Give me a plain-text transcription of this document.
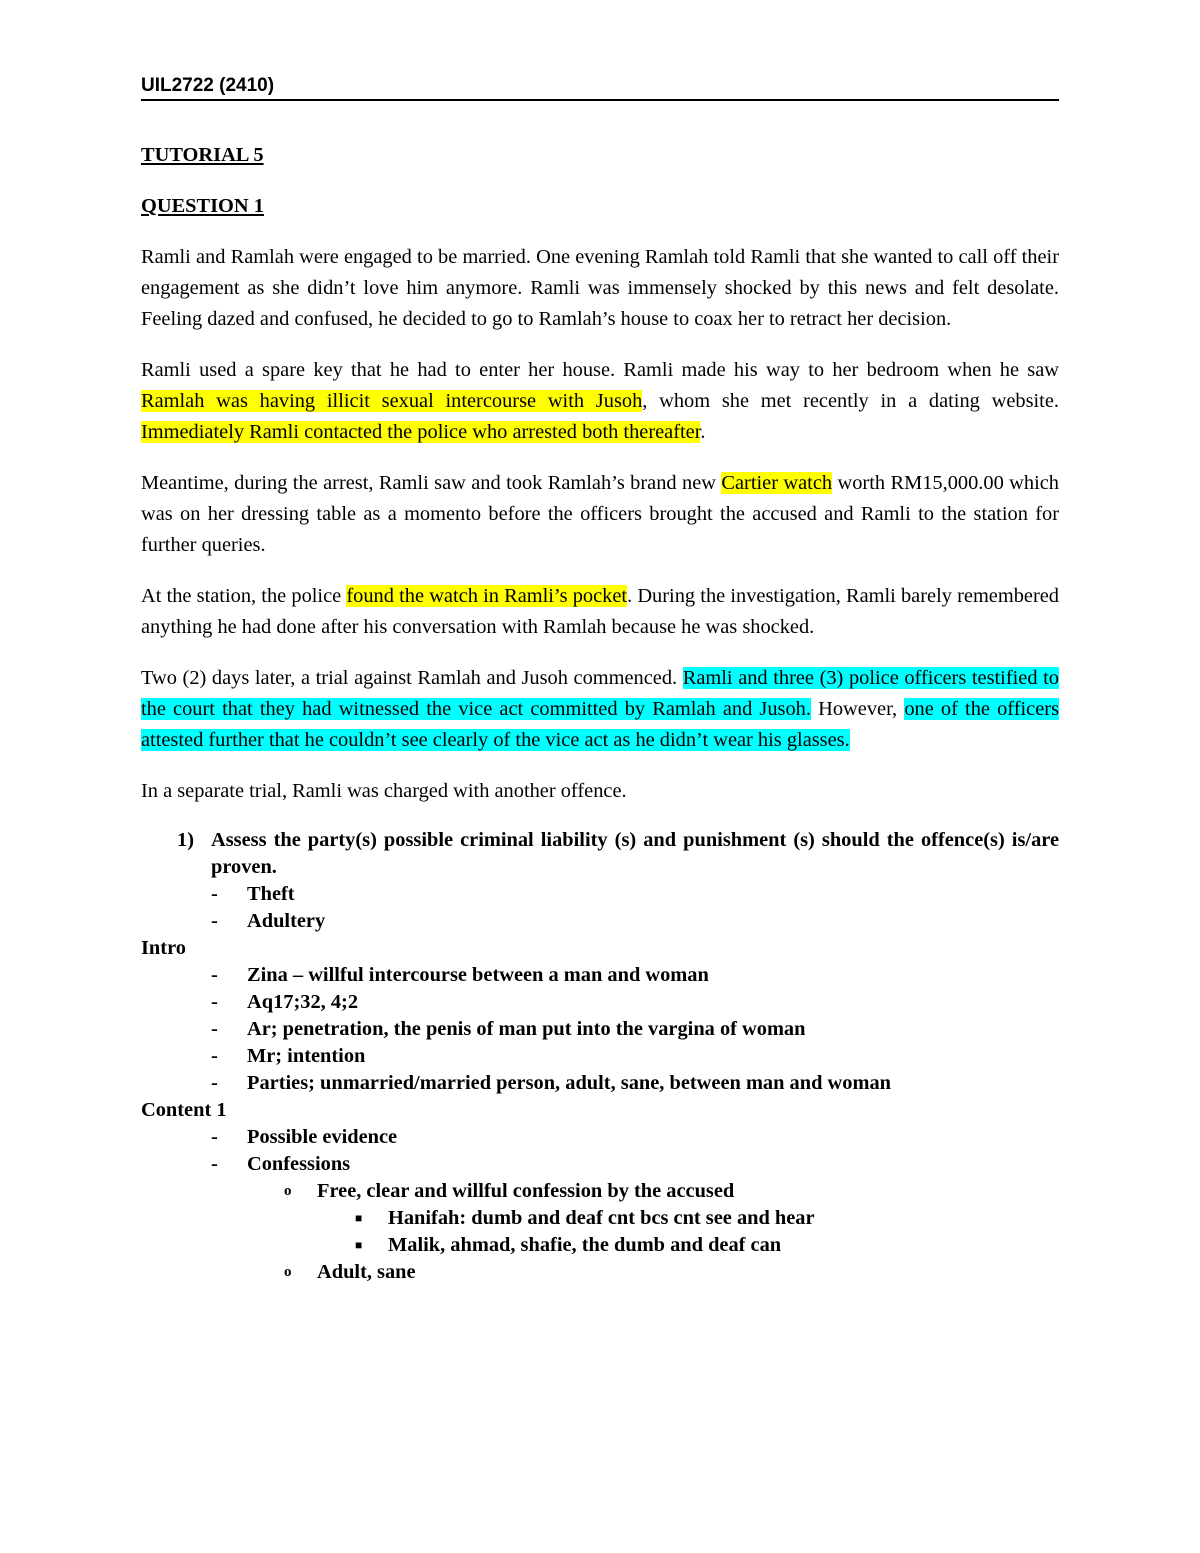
UIL2722 (2410)
TUTORIAL 5
QUESTION 1

Ramli and Ramlah were engaged to be married. One evening Ramlah told Ramli that she wanted to call off their engagement as she didn’t love him anymore. Ramli was immensely shocked by this news and felt desolate. Feeling dazed and confused, he decided to go to Ramlah’s house to coax her to retract her decision.

Ramli used a spare key that he had to enter her house. Ramli made his way to her bedroom when he saw Ramlah was having illicit sexual intercourse with Jusoh, whom she met recently in a dating website. Immediately Ramli contacted the police who arrested both thereafter.

Meantime, during the arrest, Ramli saw and took Ramlah’s brand new Cartier watch worth RM15,000.00 which was on her dressing table as a momento before the officers brought the accused and Ramli to the station for further queries.

At the station, the police found the watch in Ramli’s pocket. During the investigation, Ramli barely remembered anything he had done after his conversation with Ramlah because he was shocked.

Two (2) days later, a trial against Ramlah and Jusoh commenced. Ramli and three (3) police officers testified to the court that they had witnessed the vice act committed by Ramlah and Jusoh. However, one of the officers attested further that he couldn’t see clearly of the vice act as he didn’t wear his glasses.

In a separate trial, Ramli was charged with another offence.

1) Assess the party(s) possible criminal liability (s) and punishment (s) should the offence(s) is/are proven.
-	Theft
-	Adultery
Intro
-	Zina – willful intercourse between a man and woman
-	Aq17;32, 4;2
-	Ar; penetration, the penis of man put into the vargina of woman
-	Mr; intention
-	Parties; unmarried/married person, adult, sane, between man and woman
Content 1
-	Possible evidence
-	Confessions
o	Free, clear and willful confession by the accused
■	Hanifah: dumb and deaf cnt bcs cnt see and hear
■	Malik, ahmad, shafie, the dumb and deaf can
o	Adult, sane
